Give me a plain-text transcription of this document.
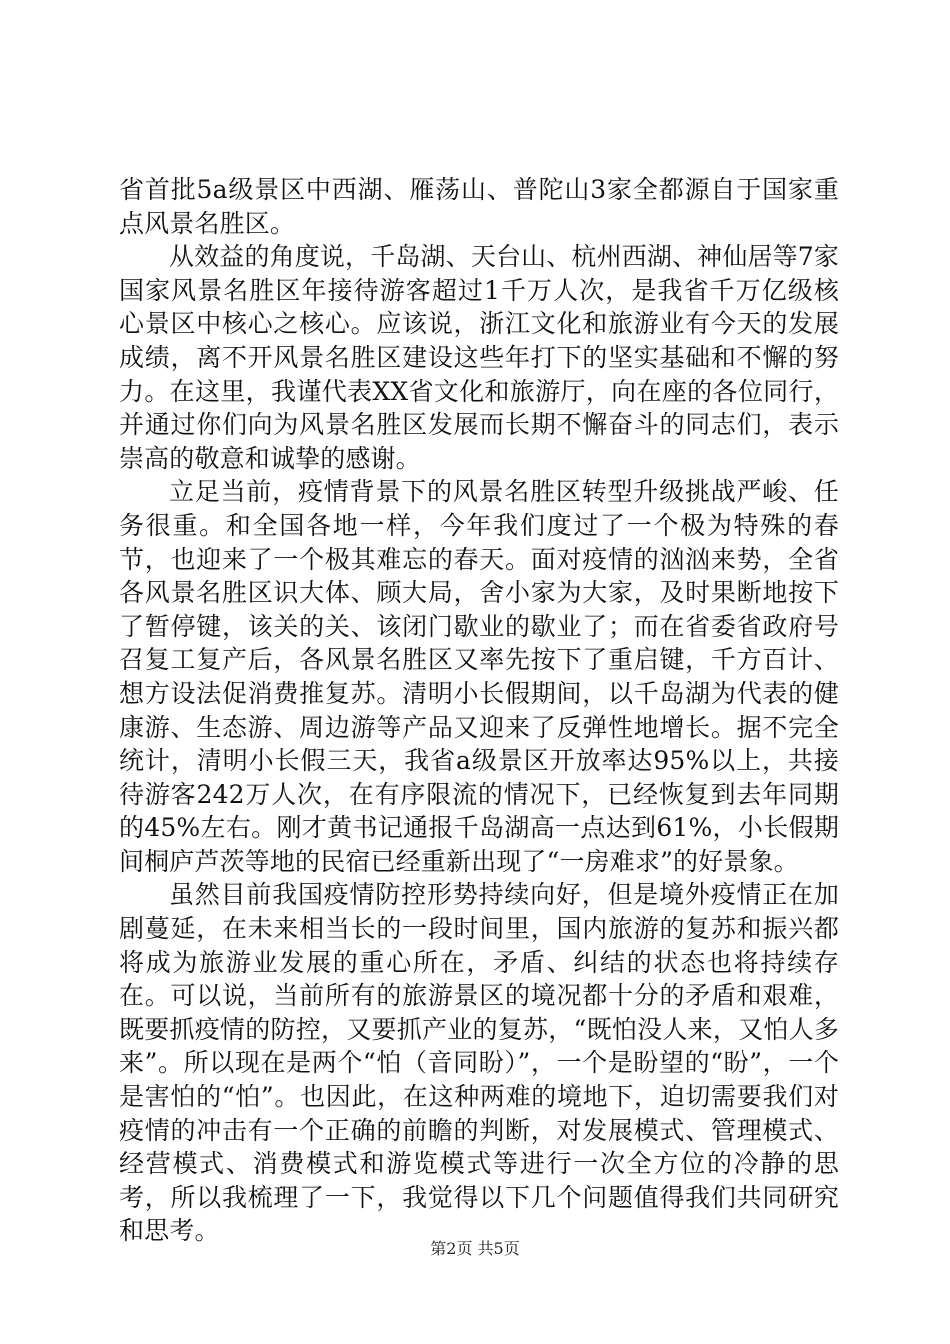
省首批5a级景区中西湖、雁荡山、普陀山3家全都源自于国家重点风景名胜区。

从效益的角度说，千岛湖、天台山、杭州西湖、神仙居等7家国家风景名胜区年接待游客超过1千万人次，是我省千万亿级核心景区中核心之核心。应该说，浙江文化和旅游业有今天的发展成绩，离不开风景名胜区建设这些年打下的坚实基础和不懈的努力。在这里，我谨代表XX省文化和旅游厅，向在座的各位同行，并通过你们向为风景名胜区发展而长期不懈奋斗的同志们，表示崇高的敬意和诚挚的感谢。

立足当前，疫情背景下的风景名胜区转型升级挑战严峻、任务很重。和全国各地一样，今年我们度过了一个极为特殊的春节，也迎来了一个极其难忘的春天。面对疫情的汹汹来势，全省各风景名胜区识大体、顾大局，舍小家为大家，及时果断地按下了暂停键，该关的关、该闭门歇业的歇业了；而在省委省政府号召复工复产后，各风景名胜区又率先按下了重启键，千方百计、想方设法促消费推复苏。清明小长假期间，以千岛湖为代表的健康游、生态游、周边游等产品又迎来了反弹性地增长。据不完全统计，清明小长假三天，我省a级景区开放率达95%以上，共接待游客242万人次，在有序限流的情况下，已经恢复到去年同期的45%左右。刚才黄书记通报千岛湖高一点达到61%，小长假期间桐庐芦茨等地的民宿已经重新出现了“一房难求”的好景象。

虽然目前我国疫情防控形势持续向好，但是境外疫情正在加剧蔓延，在未来相当长的一段时间里，国内旅游的复苏和振兴都将成为旅游业发展的重心所在，矛盾、纠结的状态也将持续存在。可以说，当前所有的旅游景区的境况都十分的矛盾和艰难，既要抓疫情的防控，又要抓产业的复苏，“既怕没人来，又怕人多来”。所以现在是两个“怕（音同盼）”，一个是盼望的“盼”，一个是害怕的“怕”。也因此，在这种两难的境地下，迫切需要我们对疫情的冲击有一个正确的前瞻的判断，对发展模式、管理模式、经营模式、消费模式和游览模式等进行一次全方位的冷静的思考，所以我梳理了一下，我觉得以下几个问题值得我们共同研究和思考。

第2页 共5页
